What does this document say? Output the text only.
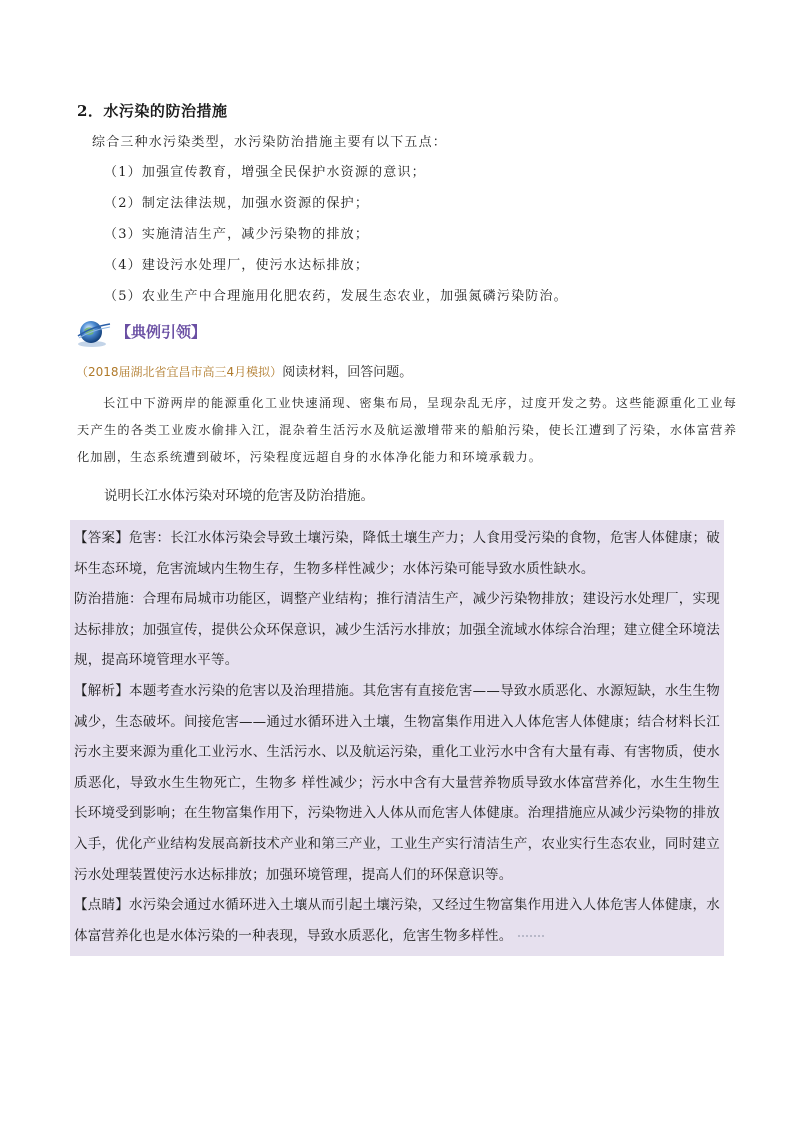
2．水污染的防治措施
综合三种水污染类型，水污染防治措施主要有以下五点：
（1）加强宣传教育，增强全民保护水资源的意识；
（2）制定法律法规，加强水资源的保护；
（3）实施清洁生产，减少污染物的排放；
（4）建设污水处理厂，使污水达标排放；
（5）农业生产中合理施用化肥农药，发展生态农业，加强氮磷污染防治。
【典例引领】
（2018届湖北省宜昌市高三4月模拟）阅读材料，回答问题。
长江中下游两岸的能源重化工业快速涌现、密集布局，呈现杂乱无序，过度开发之势。这些能源重化工业每天产生的各类工业废水偷排入江，混杂着生活污水及航运激增带来的船舶污染，使长江遭到了污染，水体富营养化加剧，生态系统遭到破坏，污染程度远超自身的水体净化能力和环境承载力。
说明长江水体污染对环境的危害及防治措施。

【答案】危害：长江水体污染会导致土壤污染，降低土壤生产力；人食用受污染的食物，危害人体健康；破坏生态环境，危害流域内生物生存，生物多样性减少；水体污染可能导致水质性缺水。

防治措施：合理布局城市功能区，调整产业结构；推行清洁生产，减少污染物排放；建设污水处理厂，实现达标排放；加强宣传，提供公众环保意识，减少生活污水排放；加强全流域水体综合治理；建立健全环境法规，提高环境管理水平等。

【解析】本题考查水污染的危害以及治理措施。其危害有直接危害——导致水质恶化、水源短缺，水生生物减少，生态破坏。间接危害——通过水循环进入土壤，生物富集作用进入人体危害人体健康；结合材料长江污水主要来源为重化工业污水、生活污水、以及航运污染，重化工业污水中含有大量有毒、有害物质，使水质恶化，导致水生生物死亡，生物多 样性减少；污水中含有大量营养物质导致水体富营养化，水生生物生长环境受到影响；在生物富集作用下，污染物进入人体从而危害人体健康。治理措施应从减少污染物的排放入手，优化产业结构发展高新技术产业和第三产业，工业生产实行清洁生产，农业实行生态农业，同时建立污水处理装置使污水达标排放；加强环境管理，提高人们的环保意识等。

【点睛】水污染会通过水循环进入土壤从而引起土壤污染，又经过生物富集作用进入人体危害人体健康，水体富营养化也是水体污染的一种表现，导致水质恶化，危害生物多样性。
